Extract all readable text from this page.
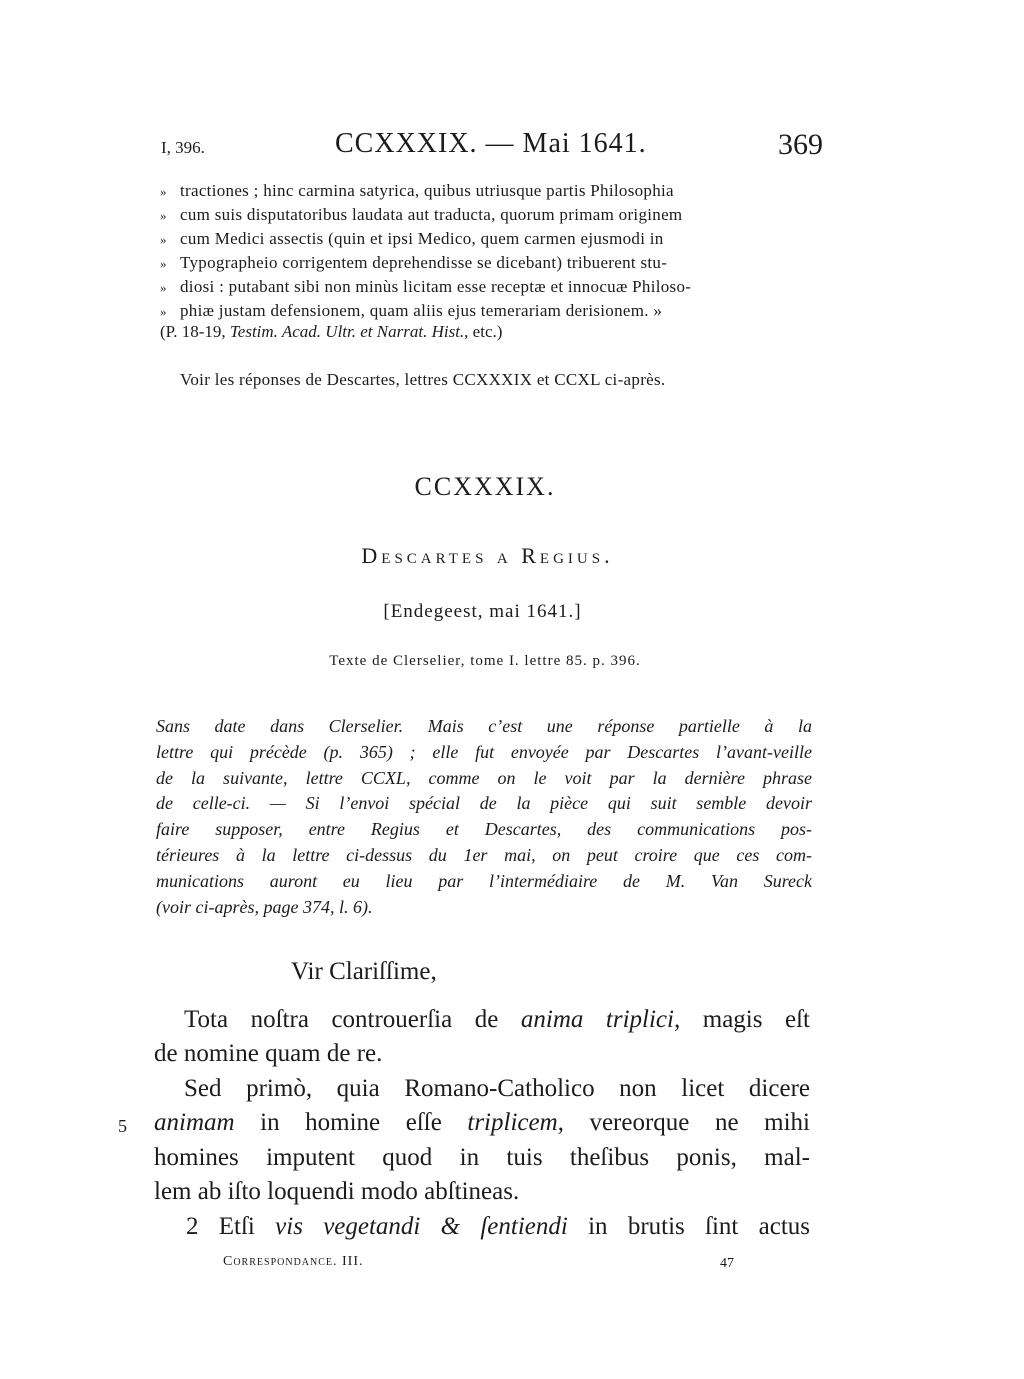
I, 396.	CCXXXIX. — Mai 1641.	369
» tractiones ; hinc carmina satyrica, quibus utriusque partis Philosophia
» cum suis disputatoribus laudata aut traducta, quorum primam originem
» cum Medici assectis (quin et ipsi Medico, quem carmen ejusmodi in
» Typographeio corrigentem deprehendisse se dicebant) tribuerent stu-
» diosi : putabant sibi non minùs licitam esse receptæ et innocuæ Philoso-
» phiæ justam defensionem, quam aliis ejus temerariam derisionem. »
(P. 18-19, Testim. Acad. Ultr. et Narrat. Hist., etc.)
Voir les réponses de Descartes, lettres CCXXXIX et CCXL ci-après.
CCXXXIX.
Descartes a Regius.
[Endegeest, mai 1641.]
Texte de Clerselier, tome I. lettre 85. p. 396.
Sans date dans Clerselier. Mais c’est une réponse partielle à la
lettre qui précède (p. 365) ; elle fut envoyée par Descartes l’avant-veille
de la suivante, lettre CCXL, comme on le voit par la dernière phrase
de celle-ci. — Si l’envoi spécial de la pièce qui suit semble devoir
faire supposer, entre Regius et Descartes, des communications pos-
térieures à la lettre ci-dessus du 1er mai, on peut croire que ces com-
munications auront eu lieu par l’intermédiaire de M. Van Sureck
(voir ci-après, page 374, l. 6).
Vir Clariſſime,
Tota noſtra controuerſia de anima triplici, magis eſt
de nomine quam de re.
Sed primò, quia Romano-Catholico non licet dicere
5 animam in homine eſſe triplicem, vereorque ne mihi
homines imputent quod in tuis theſibus ponis, mal-
lem ab iſto loquendi modo abſtineas.
2 Etſi vis vegetandi & ſentiendi in brutis ſint actus
Correspondance. III.	47
